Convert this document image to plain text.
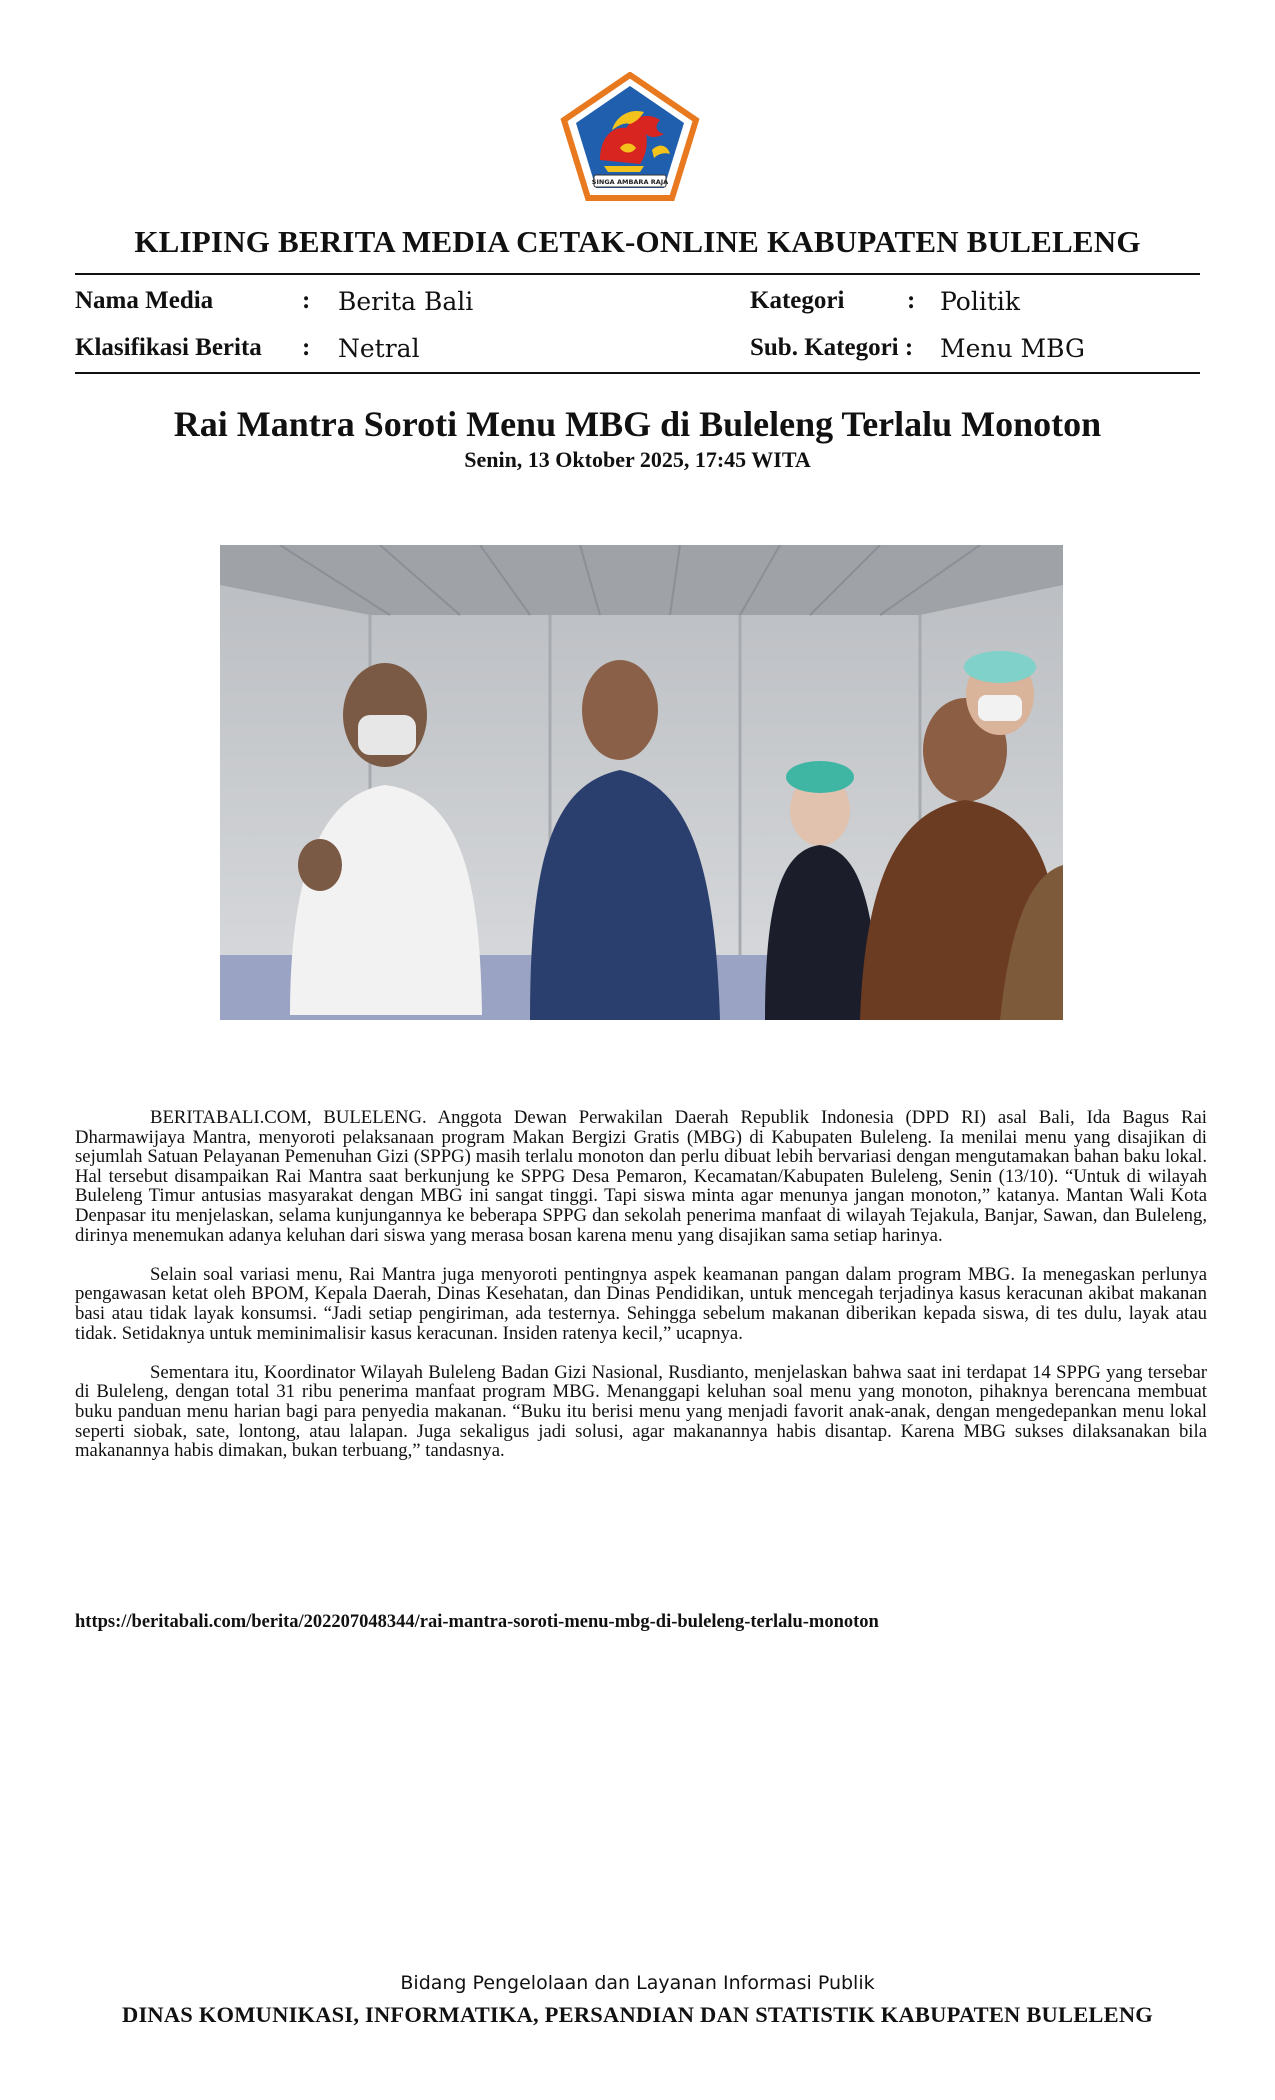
SINGA AMBARA RAJA
KLIPING BERITA MEDIA CETAK-ONLINE KABUPATEN BULELENG
Nama Media	: Berita Bali	Kategori	: Politik
Klasifikasi Berita : Netral	Sub. Kategori : Menu MBG
Rai Mantra Soroti Menu MBG di Buleleng Terlalu Monoton
Senin, 13 Oktober 2025, 17:45 WITA

BERITABALI.COM, BULELENG. Anggota Dewan Perwakilan Daerah Republik Indonesia (DPD RI) asal Bali, Ida Bagus Rai Dharmawijaya Mantra, menyoroti pelaksanaan program Makan Bergizi Gratis (MBG) di Kabupaten Buleleng. Ia menilai menu yang disajikan di sejumlah Satuan Pelayanan Pemenuhan Gizi (SPPG) masih terlalu monoton dan perlu dibuat lebih bervariasi dengan mengutamakan bahan baku lokal. Hal tersebut disampaikan Rai Mantra saat berkunjung ke SPPG Desa Pemaron, Kecamatan/Kabupaten Buleleng, Senin (13/10). “Untuk di wilayah Buleleng Timur antusias masyarakat dengan MBG ini sangat tinggi. Tapi siswa minta agar menunya jangan monoton,” katanya. Mantan Wali Kota Denpasar itu menjelaskan, selama kunjungannya ke beberapa SPPG dan sekolah penerima manfaat di wilayah Tejakula, Banjar, Sawan, dan Buleleng, dirinya menemukan adanya keluhan dari siswa yang merasa bosan karena menu yang disajikan sama setiap harinya.

Selain soal variasi menu, Rai Mantra juga menyoroti pentingnya aspek keamanan pangan dalam program MBG. Ia menegaskan perlunya pengawasan ketat oleh BPOM, Kepala Daerah, Dinas Kesehatan, dan Dinas Pendidikan, untuk mencegah terjadinya kasus keracunan akibat makanan basi atau tidak layak konsumsi. “Jadi setiap pengiriman, ada testernya. Sehingga sebelum makanan diberikan kepada siswa, di tes dulu, layak atau tidak. Setidaknya untuk meminimalisir kasus keracunan. Insiden ratenya kecil,” ucapnya.

Sementara itu, Koordinator Wilayah Buleleng Badan Gizi Nasional, Rusdianto, menjelaskan bahwa saat ini terdapat 14 SPPG yang tersebar di Buleleng, dengan total 31 ribu penerima manfaat program MBG. Menanggapi keluhan soal menu yang monoton, pihaknya berencana membuat buku panduan menu harian bagi para penyedia makanan. “Buku itu berisi menu yang menjadi favorit anak-anak, dengan mengedepankan menu lokal seperti siobak, sate, lontong, atau lalapan. Juga sekaligus jadi solusi, agar makanannya habis disantap. Karena MBG sukses dilaksanakan bila makanannya habis dimakan, bukan terbuang,” tandasnya.

https://beritabali.com/berita/202207048344/rai-mantra-soroti-menu-mbg-di-buleleng-terlalu-monoton
Bidang Pengelolaan dan Layanan Informasi Publik
DINAS KOMUNIKASI, INFORMATIKA, PERSANDIAN DAN STATISTIK KABUPATEN BULELENG
